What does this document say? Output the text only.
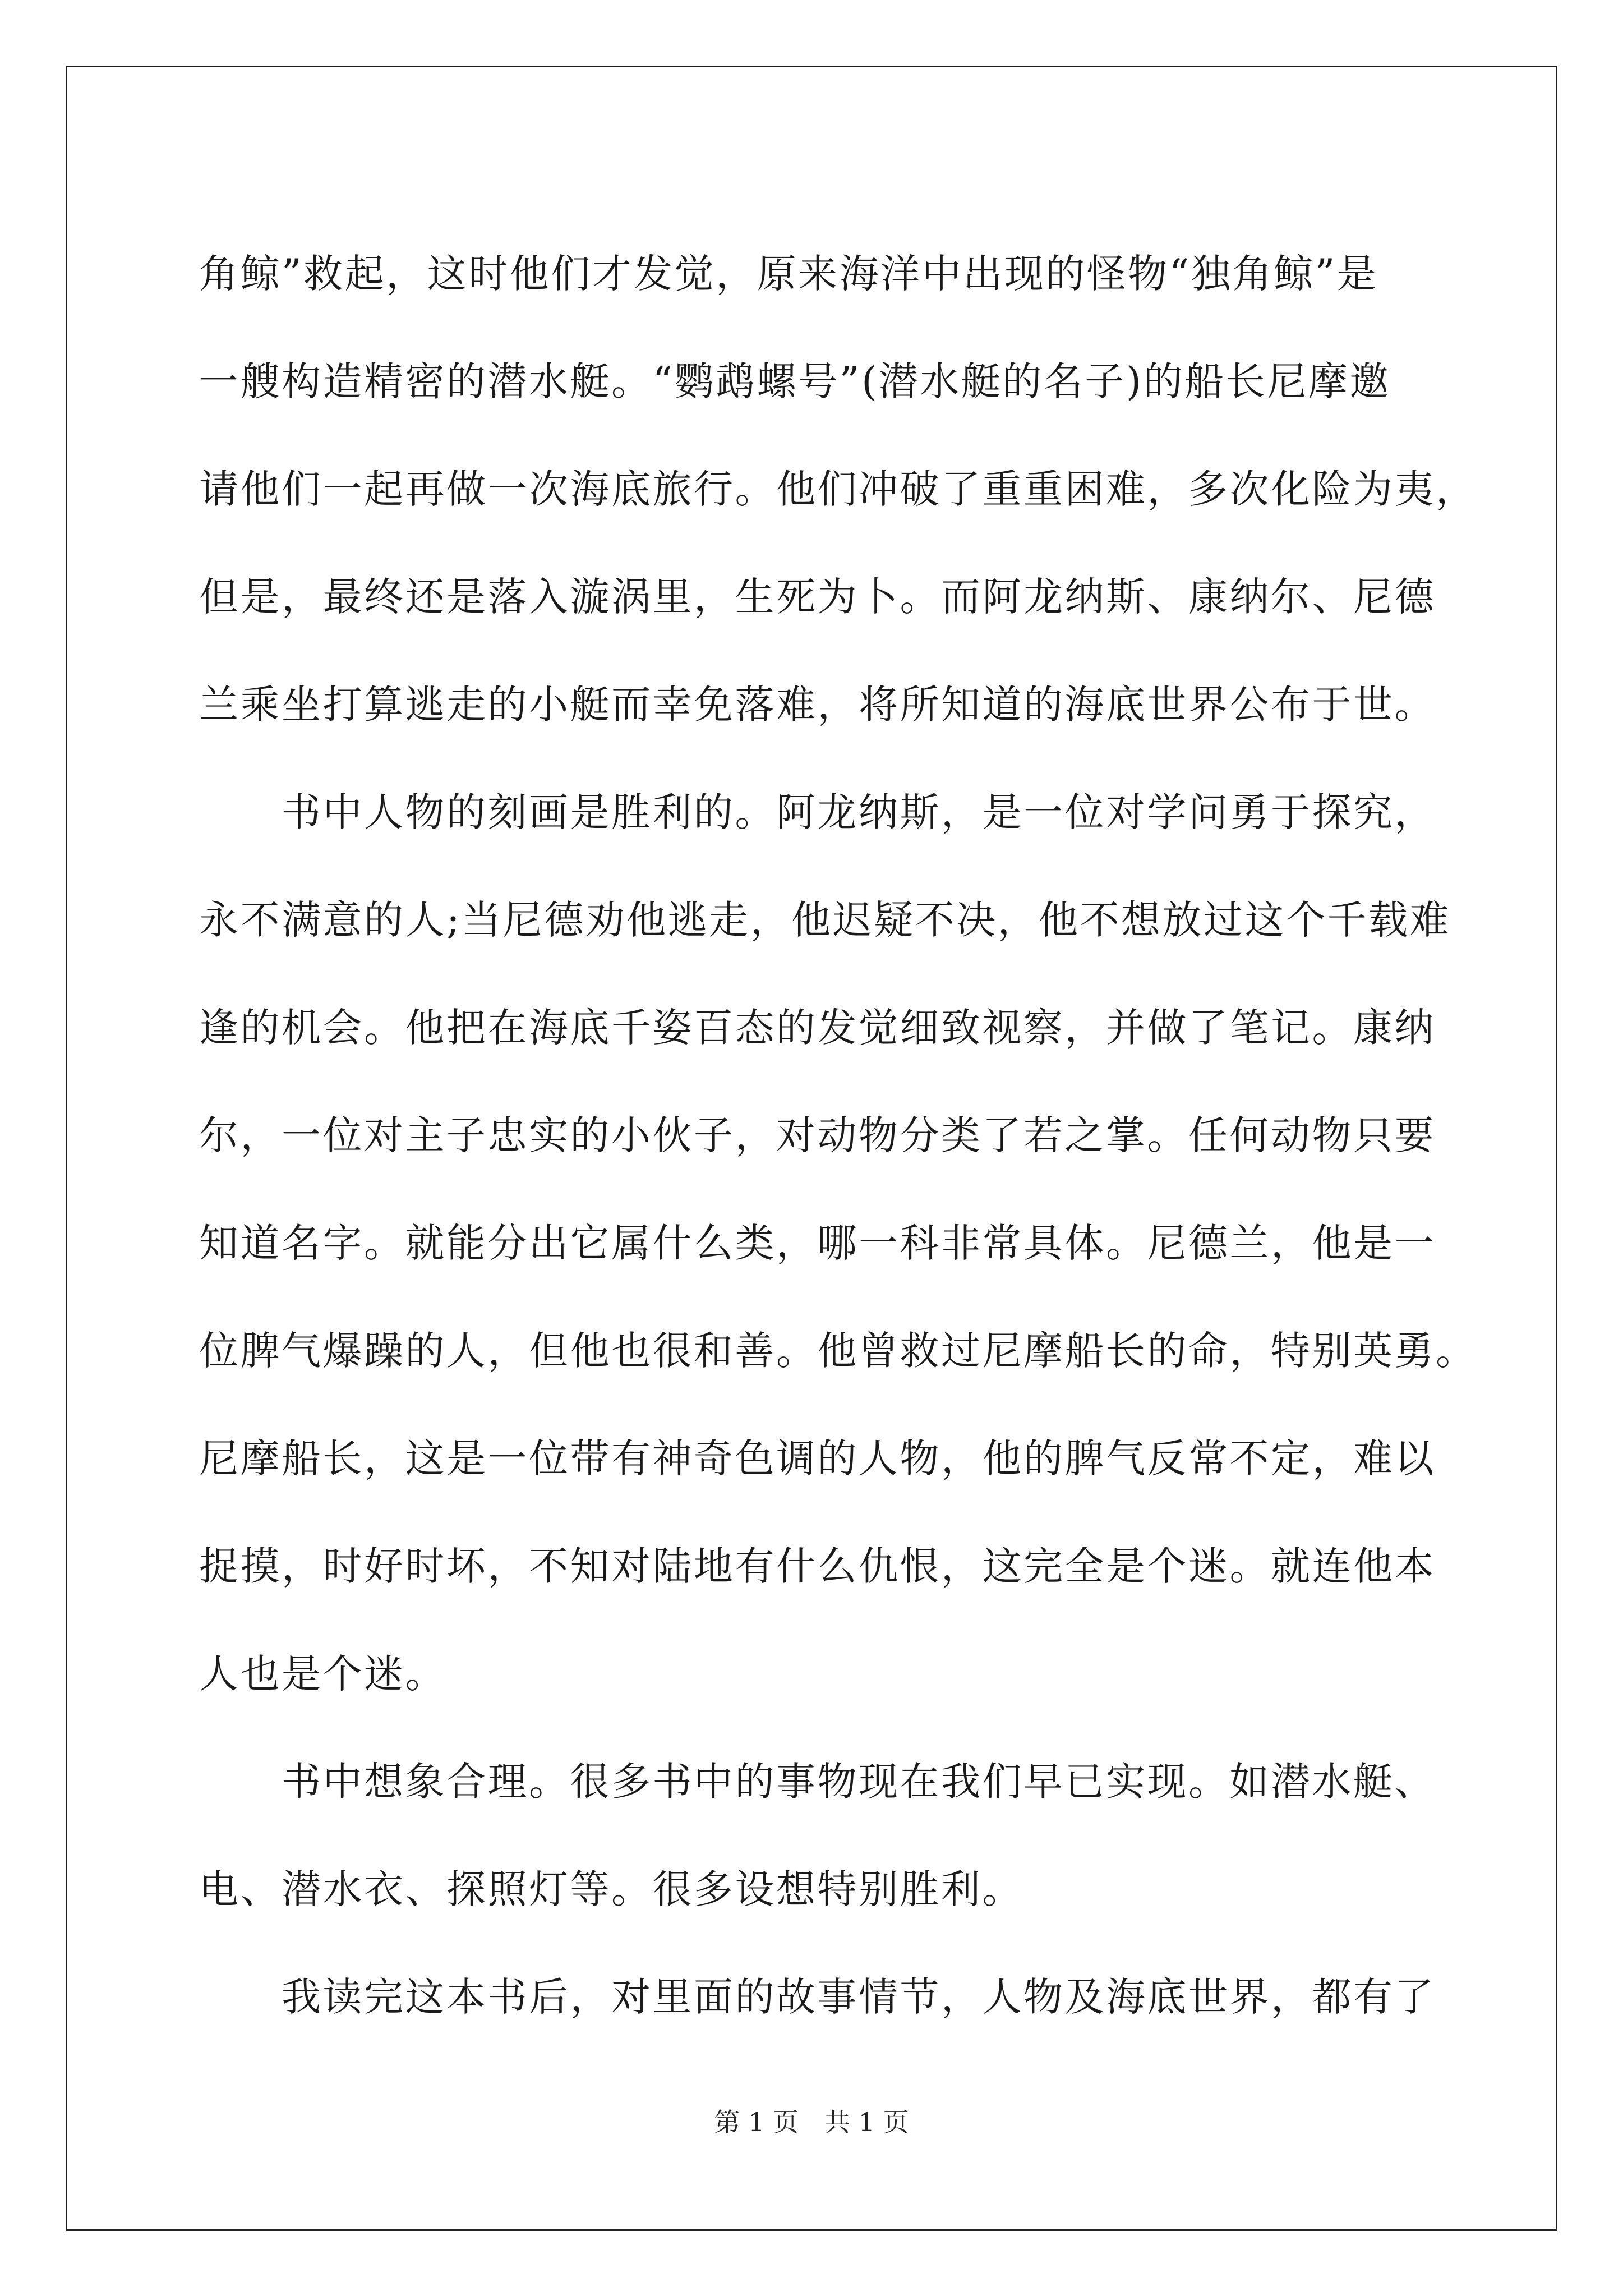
角鲸”救起，这时他们才发觉，原来海洋中出现的怪物“独角鲸”是
一艘构造精密的潜水艇。“鹦鹉螺号”(潜水艇的名子)的船长尼摩邀
请他们一起再做一次海底旅行。他们冲破了重重困难，多次化险为夷，
但是，最终还是落入漩涡里，生死为卜。而阿龙纳斯、康纳尔、尼德
兰乘坐打算逃走的小艇而幸免落难，将所知道的海底世界公布于世。
　　书中人物的刻画是胜利的。阿龙纳斯，是一位对学问勇于探究，
永不满意的人;当尼德劝他逃走，他迟疑不决，他不想放过这个千载难
逢的机会。他把在海底千姿百态的发觉细致视察，并做了笔记。康纳
尔，一位对主子忠实的小伙子，对动物分类了若之掌。任何动物只要
知道名字。就能分出它属什么类，哪一科非常具体。尼德兰，他是一
位脾气爆躁的人，但他也很和善。他曾救过尼摩船长的命，特别英勇。
尼摩船长，这是一位带有神奇色调的人物，他的脾气反常不定，难以
捉摸，时好时坏，不知对陆地有什么仇恨，这完全是个迷。就连他本
人也是个迷。
　　书中想象合理。很多书中的事物现在我们早已实现。如潜水艇、
电、潜水衣、探照灯等。很多设想特别胜利。
　　我读完这本书后，对里面的故事情节，人物及海底世界，都有了
第 1 页　共 1 页
